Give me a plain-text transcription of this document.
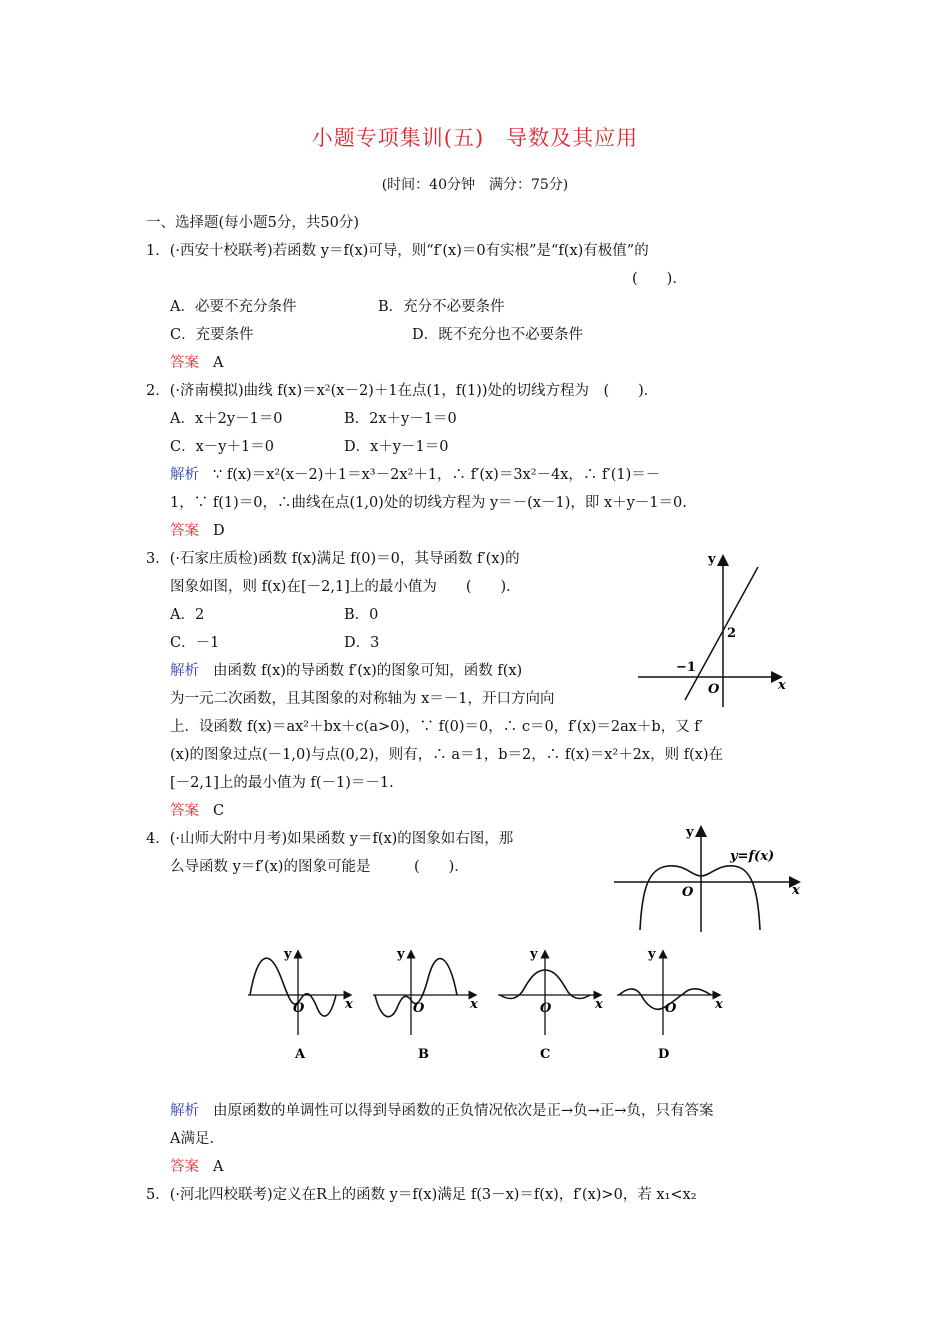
小题专项集训(五)　导数及其应用
(时间：40分钟　满分：75分)
一、选择题(每小题5分，共50分)
1．(·西安十校联考)若函数 y＝f(x)可导，则“f′(x)＝0有实根”是“f(x)有极值”的
(　　)．
A．必要不充分条件	B．充分不必要条件
C．充要条件	D．既不充分也不必要条件
答案 A
2．(·济南模拟)曲线 f(x)＝x²(x－2)＋1在点(1，f(1))处的切线方程为　(　　)．
A．x＋2y－1＝0	B．2x＋y－1＝0
C．x－y＋1＝0	D．x＋y－1＝0
解析 ∵ f(x)＝x²(x－2)＋1＝x³－2x²＋1，∴ f′(x)＝3x²－4x，∴ f′(1)＝－
1，∵ f(1)＝0，∴曲线在点(1,0)处的切线方程为 y＝－(x－1)，即 x＋y－1＝0.
答案 D
3．(·石家庄质检)函数 f(x)满足 f(0)＝0，其导函数 f′(x)的
图象如图，则 f(x)在[－2,1]上的最小值为　　(　　)．
A．2	B．0
C．－1	D．3
解析 由函数 f(x)的导函数 f′(x)的图象可知，函数 f(x)
为一元二次函数，且其图象的对称轴为 x＝－1，开口方向向
上．设函数 f(x)＝ax²＋bx＋c(a>0)，∵ f(0)＝0，∴ c＝0，f′(x)＝2ax＋b，又 f′
(x)的图象过点(－1,0)与点(0,2)，则有，∴ a＝1，b＝2，∴ f(x)＝x²＋2x，则 f(x)在
[－2,1]上的最小值为 f(－1)＝－1.
答案 C
y
x
O
2
−1
4．(·山师大附中月考)如果函数 y＝f(x)的图象如右图，那
么导函数 y＝f′(x)的图象可能是　　　(　　)．
y
x
O
y=f(x)
y
x
O
A
y
x
O
B
y
x
O
C
y
x
O
D
解析 由原函数的单调性可以得到导函数的正负情况依次是正→负→正→负，只有答案
A满足.
答案 A
5．(·河北四校联考)定义在R上的函数 y＝f(x)满足 f(3－x)＝f(x)，f′(x)>0，若 x₁<x₂
